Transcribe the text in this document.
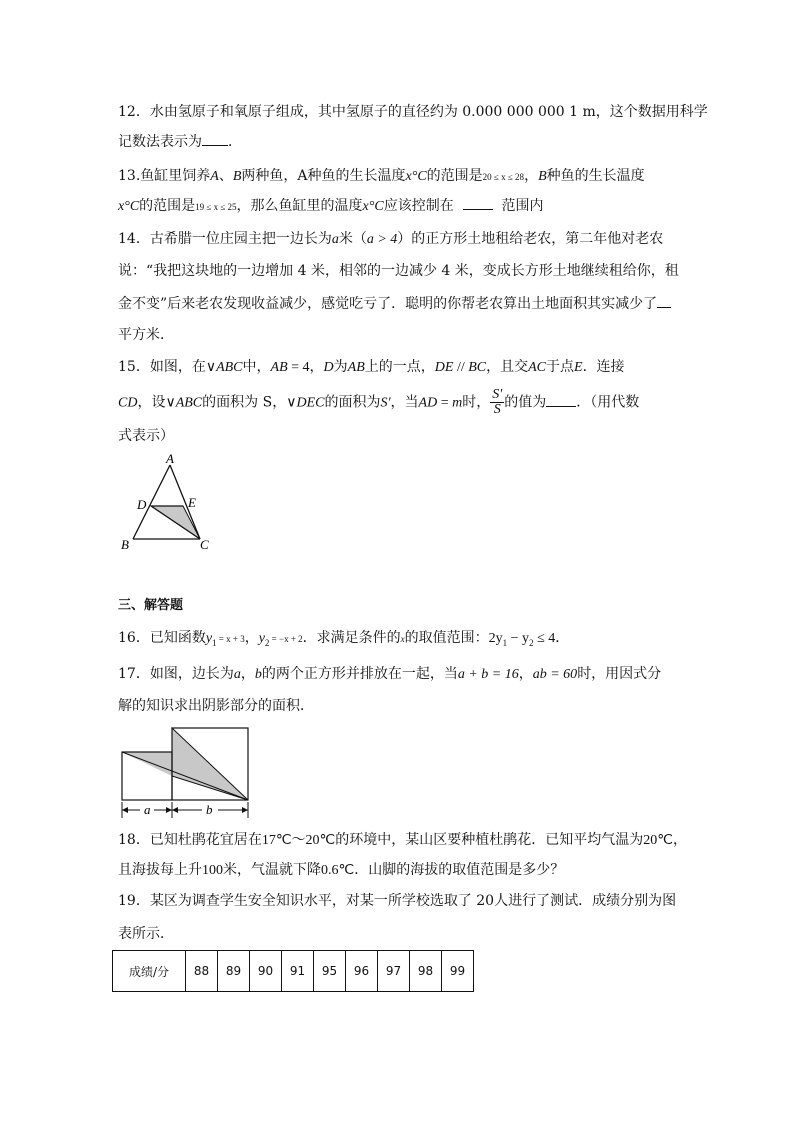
12．水由氢原子和氧原子组成，其中氢原子的直径约为 0.000 000 000 1 m，这个数据用科学
记数法表示为 ．
13.鱼缸里饲养A、B两种鱼，A种鱼的生长温度x°C的范围是20 ≤ x ≤ 28，B种鱼的生长温度
x°C的范围是19 ≤ x ≤ 25，那么鱼缸里的温度x°C应该控制在	范围内
14．古希腊一位庄园主把一边长为a米（a > 4）的正方形土地租给老农，第二年他对老农
说：“我把这块地的一边增加 4 米，相邻的一边减少 4 米，变成长方形土地继续租给你，租
金不变”后来老农发现收益减少，感觉吃亏了．聪明的你帮老农算出土地面积其实减少了
平方米．
15．如图，在∨ABC中，AB = 4，D为AB上的一点，DE // BC，且交AC于点E．连接
CD，设∨ABC的面积为 S，∨DEC的面积为S′，当AD = m时， $\frac{S'}{S}$ 的值为 ．（用代数
式表示）
A
D	E
B	C
三、解答题
16．已知函数$y_1 = x + 3$，$y_2 = -x + 2$．求满足条件的x的取值范围：$2y_1 - y_2 \le 4$．
17．如图，边长为a，b的两个正方形并排放在一起，当a + b = 16，ab = 60时，用因式分
解的知识求出阴影部分的面积．
a	b
18．已知杜鹃花宜居在17℃～20℃的环境中，某山区要种植杜鹃花．已知平均气温为20℃，
且海拔每上升100米，气温就下降0.6℃．山脚的海拔的取值范围是多少？
19．某区为调查学生安全知识水平，对某一所学校选取了 20人进行了测试．成绩分别为图
表所示．
成绩/分	88	89	90	91	95	96	97	98	99
